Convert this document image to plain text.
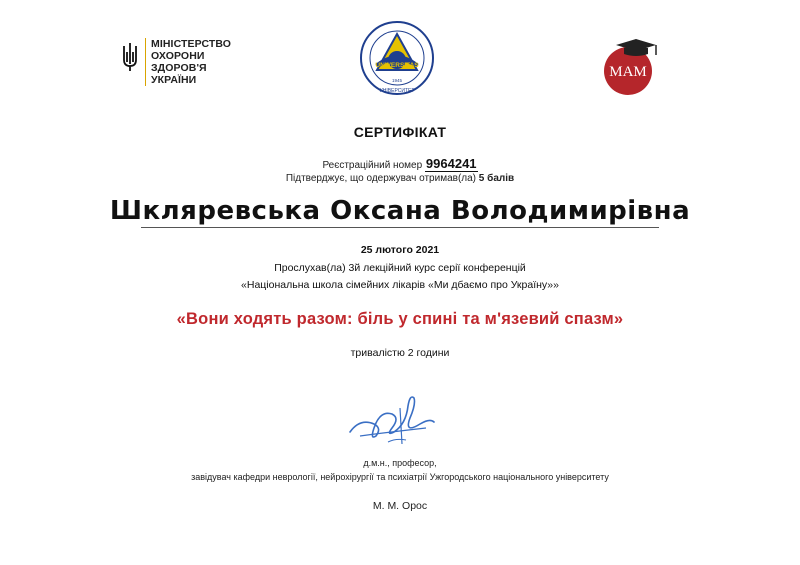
МІНІСТЕРСТВО
ОХОРОНИ
ЗДОРОВ'Я
УКРАЇНИ
UNIVERSITAS
УНІВЕРСИТЕТ
1945
MAM
СЕРТИФІКАТ
Реєстраційний номер 9964241
Підтверджує, що одержувач отримав(ла) 5 балів
Шкляревська Оксана Володимирівна
25 лютого 2021
Прослухав(ла) 3й лекційний курс серії конференцій
«Національна школа сімейних лікарів «Ми дбаємо про Україну»»
«Вони ходять разом: біль у спині та м'язевий спазм»
тривалістю 2 години
д.м.н., професор,
завідувач кафедри неврології, нейрохірургії та психіатрії Ужгородського національного університету
М. М. Орос
